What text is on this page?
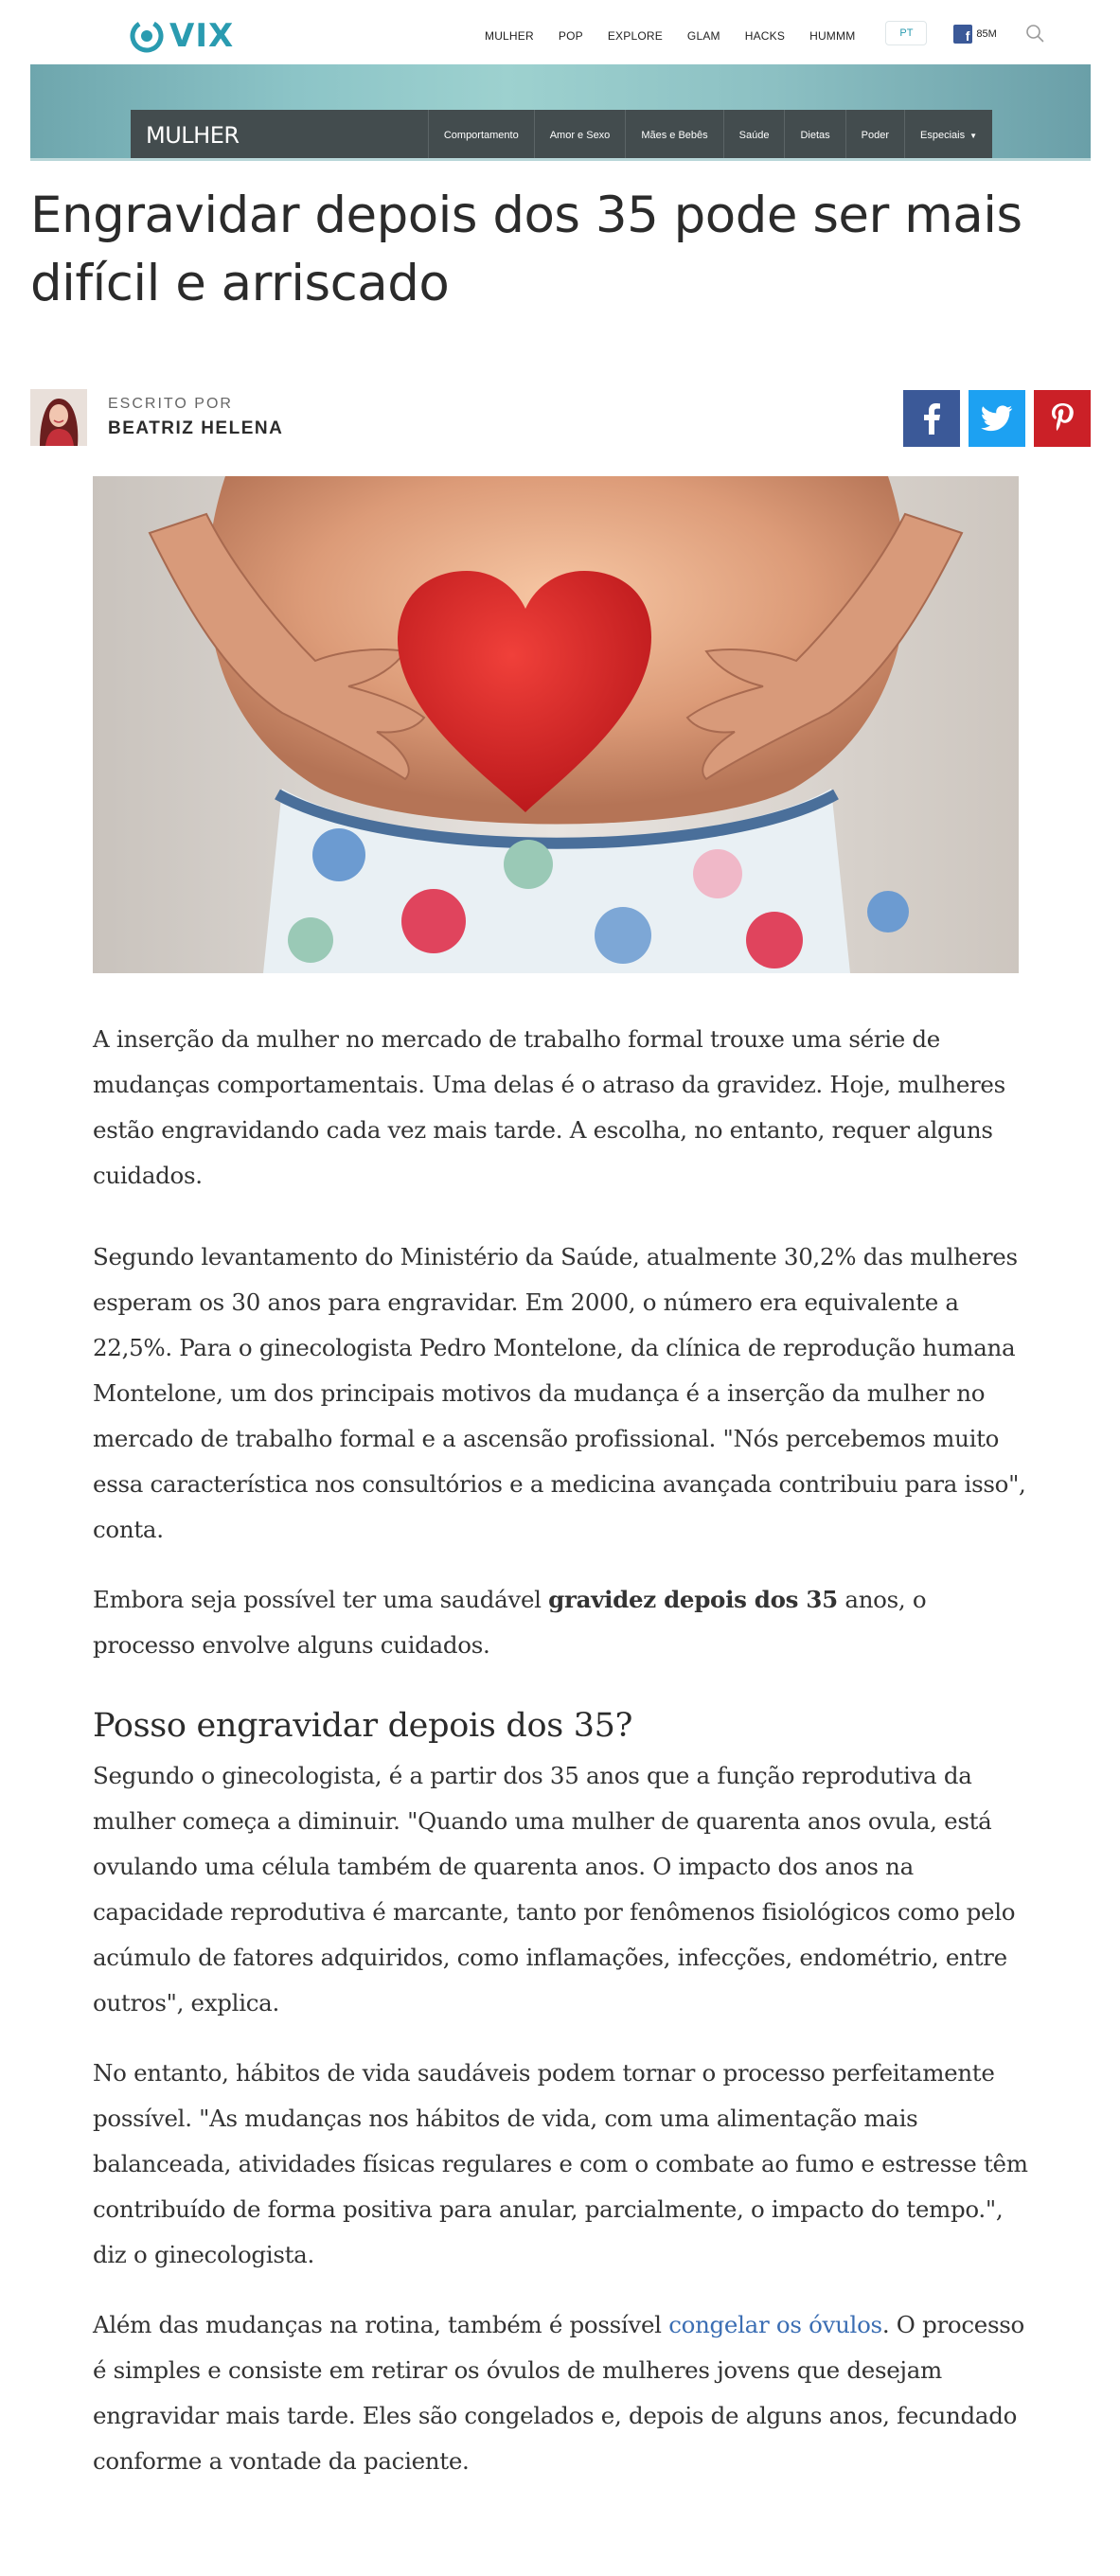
VIX	MULHER POP EXPLORE GLAM HACKS HUMMM	PT	f 85M
MULHER	Comportamento	Amor e Sexo	Mães e Bebês	Saúde	Dietas	Poder	Especiais ▼
Engravidar depois dos 35 pode ser mais difícil e arriscado
ESCRITO POR
BEATRIZ HELENA

A inserção da mulher no mercado de trabalho formal trouxe uma série de mudanças comportamentais. Uma delas é o atraso da gravidez. Hoje, mulheres estão engravidando cada vez mais tarde. A escolha, no entanto, requer alguns cuidados.

Segundo levantamento do Ministério da Saúde, atualmente 30,2% das mulheres esperam os 30 anos para engravidar. Em 2000, o número era equivalente a 22,5%. Para o ginecologista Pedro Montelone, da clínica de reprodução humana Montelone, um dos principais motivos da mudança é a inserção da mulher no mercado de trabalho formal e a ascensão profissional. "Nós percebemos muito essa característica nos consultórios e a medicina avançada contribuiu para isso", conta.

Embora seja possível ter uma saudável gravidez depois dos 35 anos, o processo envolve alguns cuidados.

Posso engravidar depois dos 35?

Segundo o ginecologista, é a partir dos 35 anos que a função reprodutiva da mulher começa a diminuir. "Quando uma mulher de quarenta anos ovula, está ovulando uma célula também de quarenta anos. O impacto dos anos na capacidade reprodutiva é marcante, tanto por fenômenos fisiológicos como pelo acúmulo de fatores adquiridos, como inflamações, infecções, endométrio, entre outros", explica.

No entanto, hábitos de vida saudáveis podem tornar o processo perfeitamente possível. "As mudanças nos hábitos de vida, com uma alimentação mais balanceada, atividades físicas regulares e com o combate ao fumo e estresse têm contribuído de forma positiva para anular, parcialmente, o impacto do tempo.", diz o ginecologista.

Além das mudanças na rotina, também é possível congelar os óvulos. O processo é simples e consiste em retirar os óvulos de mulheres jovens que desejam engravidar mais tarde. Eles são congelados e, depois de alguns anos, fecundado conforme a vontade da paciente.
